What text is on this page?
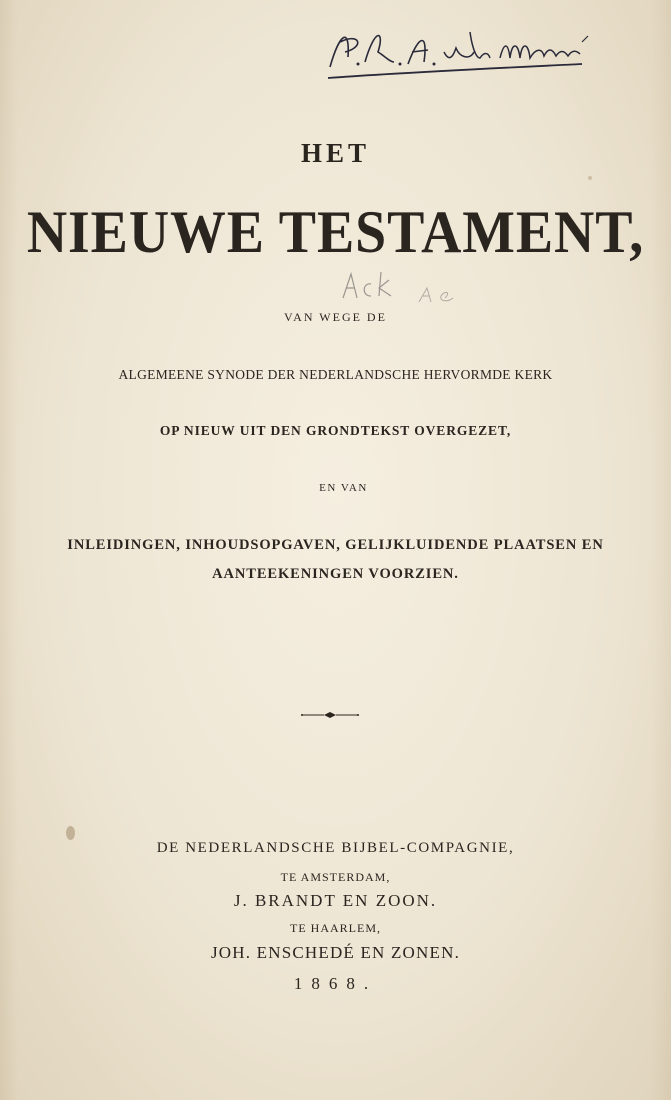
HET
NIEUWE TESTAMENT,
VAN WEGE DE
ALGEMEENE SYNODE DER NEDERLANDSCHE HERVORMDE KERK
OP NIEUW UIT DEN GRONDTEKST OVERGEZET,
EN VAN
INLEIDINGEN, INHOUDSOPGAVEN, GELIJKLUIDENDE PLAATSEN EN
AANTEEKENINGEN VOORZIEN.
DE NEDERLANDSCHE BIJBEL-COMPAGNIE,
TE AMSTERDAM,
J. BRANDT EN ZOON.
TE HAARLEM,
JOH. ENSCHEDÉ EN ZONEN.
1868.
